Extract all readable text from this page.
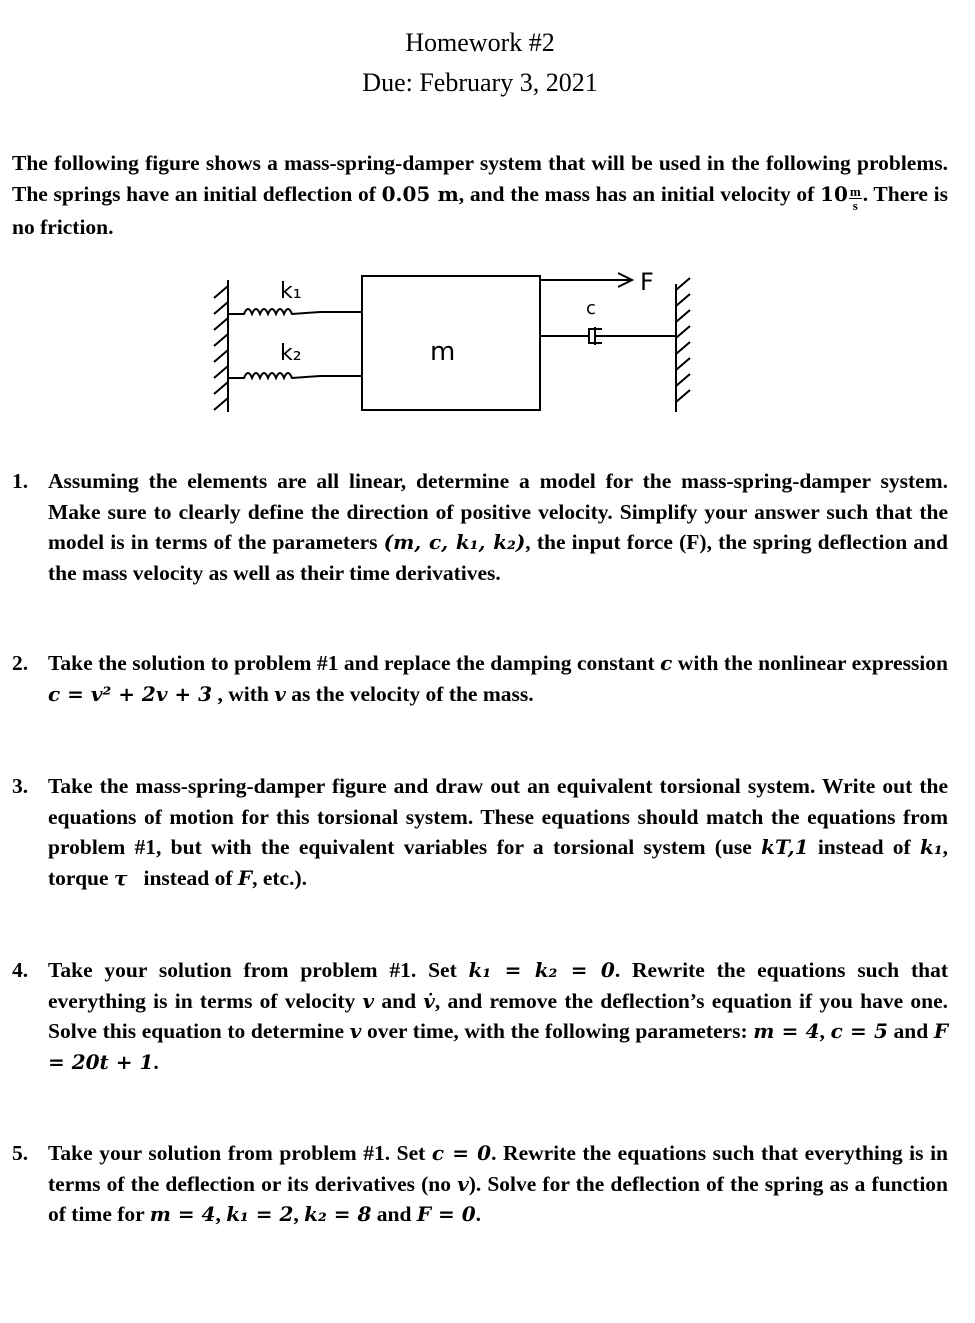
Homework #2
Due: February 3, 2021
The following figure shows a mass-spring-damper system that will be used in the following problems. The springs have an initial deflection of 0.05 m, and the mass has an initial velocity of $10 \frac{m}{s}$ . There is no friction.
k₁
k₂	m
F
c
1. Assuming the elements are all linear, determine a model for the mass-spring-damper system. Make sure to clearly define the direction of positive velocity. Simplify your answer such that the model is in terms of the parameters (m, c, k₁, k₂), the input force (F), the spring deflection and the mass velocity as well as their time derivatives.
2. Take the solution to problem #1 and replace the damping constant c with the nonlinear expression c = v² + 2v + 3 , with v as the velocity of the mass.
3. Take the mass-spring-damper figure and draw out an equivalent torsional system. Write out the equations of motion for this torsional system. These equations should match the equations from problem #1, but with the equivalent variables for a torsional system (use kT,1 instead of k₁, torque τ   instead of F, etc.).
4. Take your solution from problem #1. Set k₁ = k₂ = 0. Rewrite the equations such that everything is in terms of velocity v and v̇, and remove the deflection’s equation if you have one. Solve this equation to determine v over time, with the following parameters: m = 4, c = 5 and F = 20t + 1.
5. Take your solution from problem #1. Set c = 0. Rewrite the equations such that everything is in terms of the deflection or its derivatives (no v). Solve for the deflection of the spring as a function of time for m = 4, k₁ = 2, k₂ = 8 and F = 0.
